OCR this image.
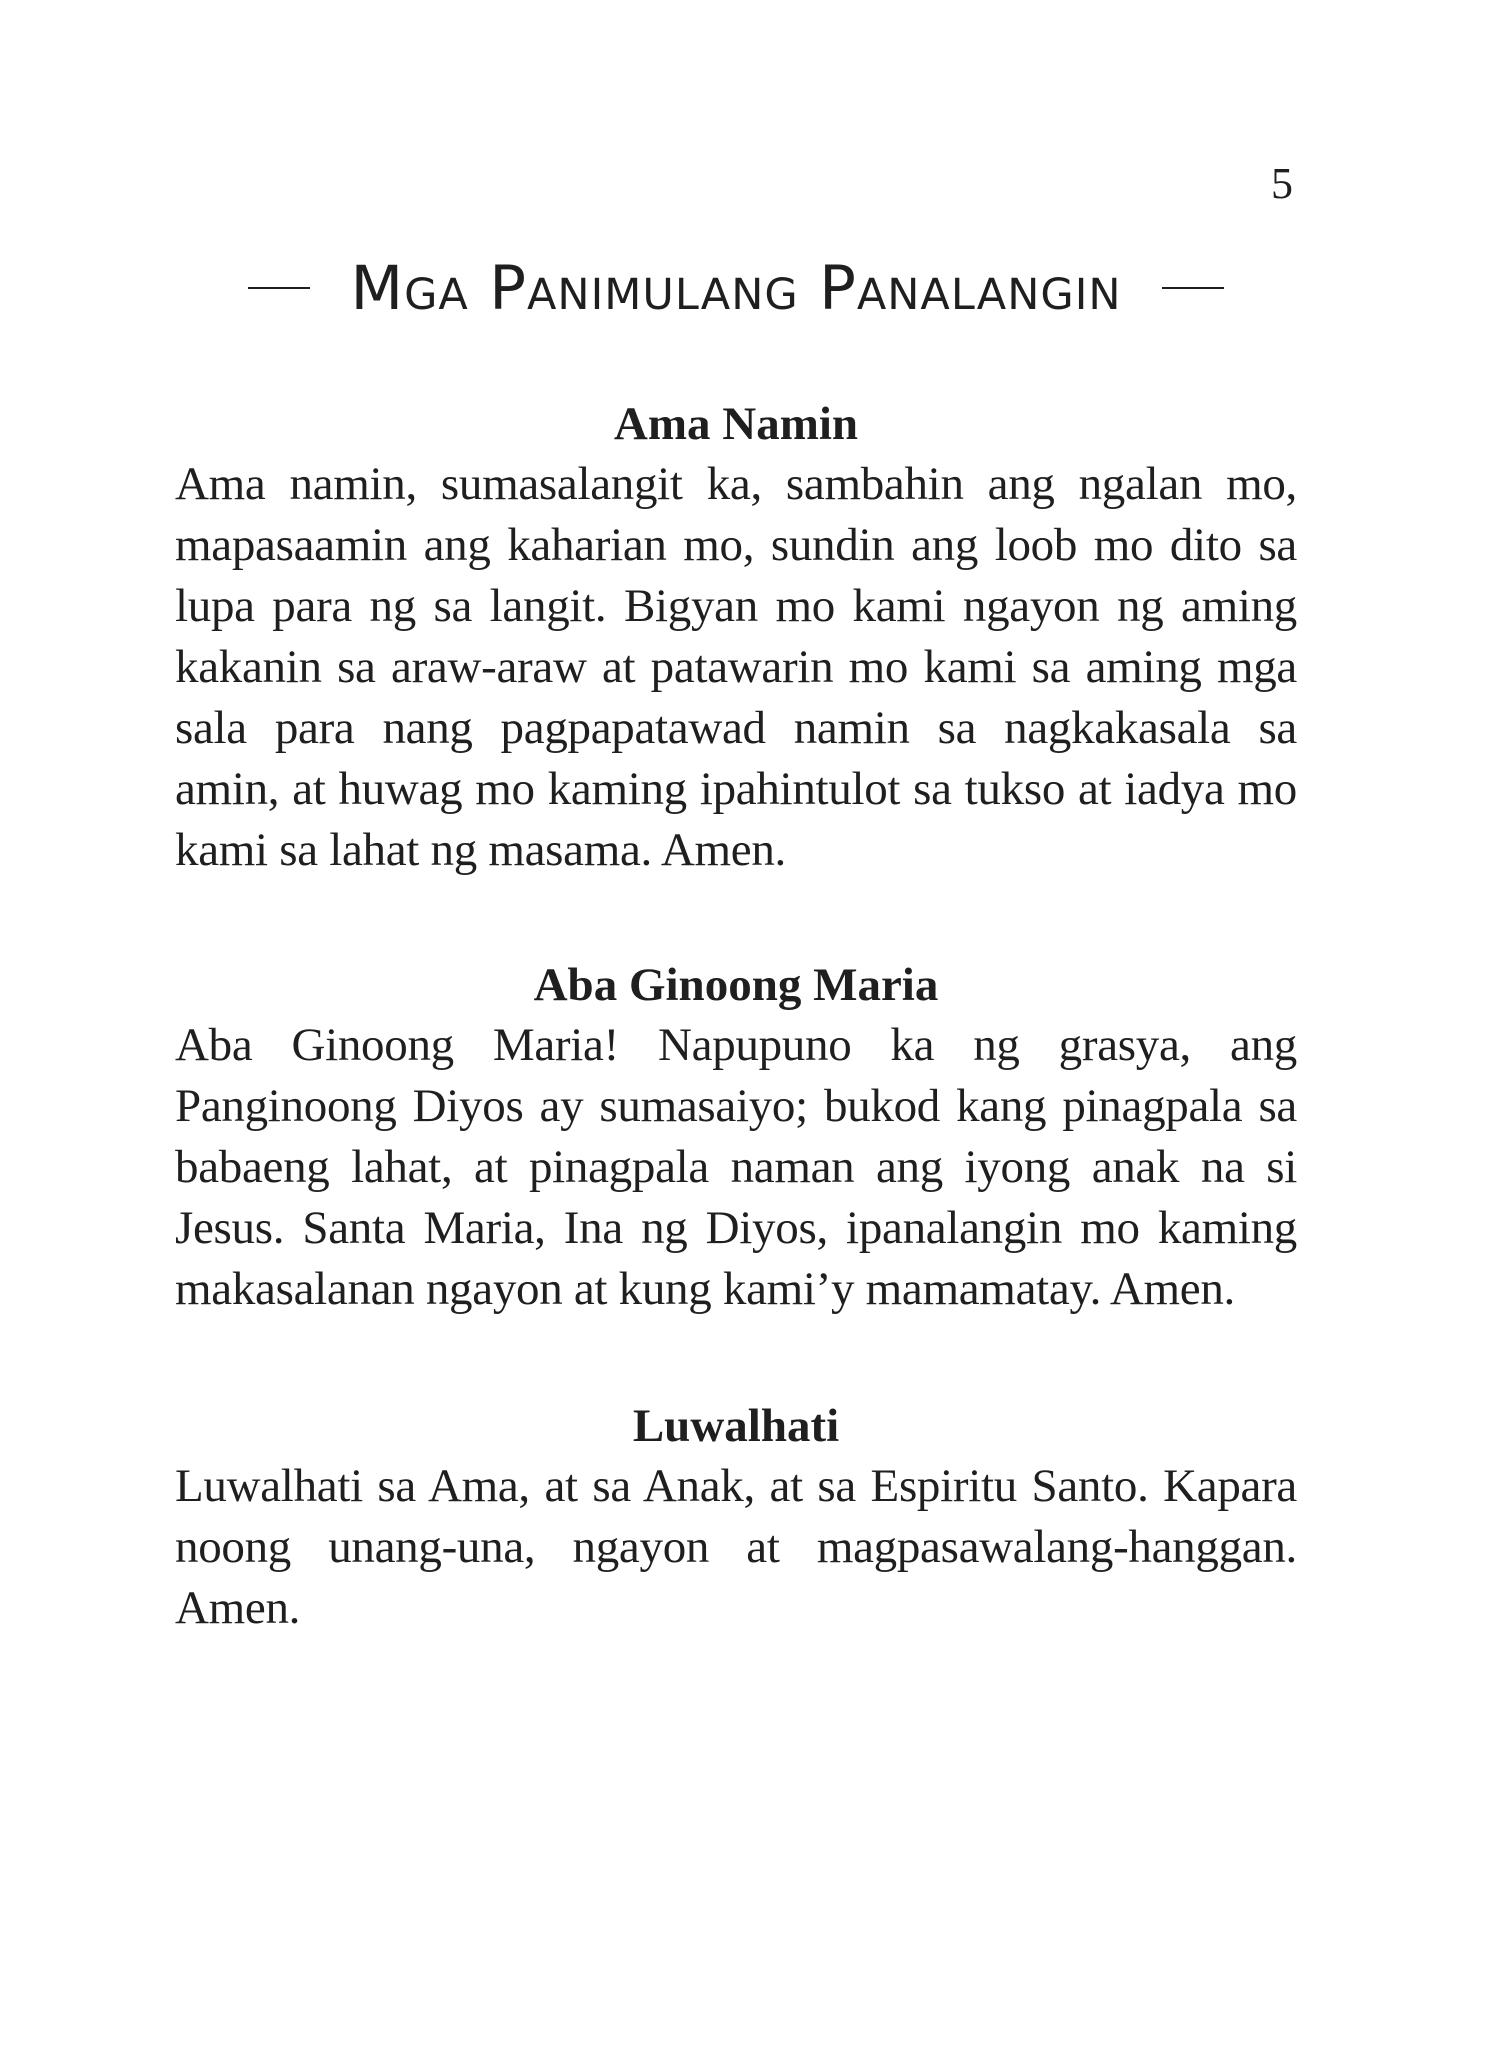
5
Mga Panimulang Panalangin
Ama Namin

Ama namin, sumasalangit ka, sambahin ang ngalan mo, mapasaamin ang kaharian mo, sundin ang loob mo dito sa lupa para ng sa langit. Bigyan mo kami ngayon ng aming kakanin sa araw-araw at patawarin mo kami sa aming mga sala para nang pagpapatawad namin sa nagkakasala sa amin, at huwag mo kaming ipahintulot sa tukso at iadya mo kami sa lahat ng masama. Amen.

Aba Ginoong Maria

Aba Ginoong Maria! Napupuno ka ng grasya, ang Panginoong Diyos ay sumasaiyo; bukod kang pinagpala sa babaeng lahat, at pinagpala naman ang iyong anak na si Jesus. Santa Maria, Ina ng Diyos, ipanalangin mo kaming makasalanan ngayon at kung kami’y mamamatay. Amen.

Luwalhati

Luwalhati sa Ama, at sa Anak, at sa Espiritu Santo. Kapara noong unang-una, ngayon at magpasawalang-hanggan. Amen.
